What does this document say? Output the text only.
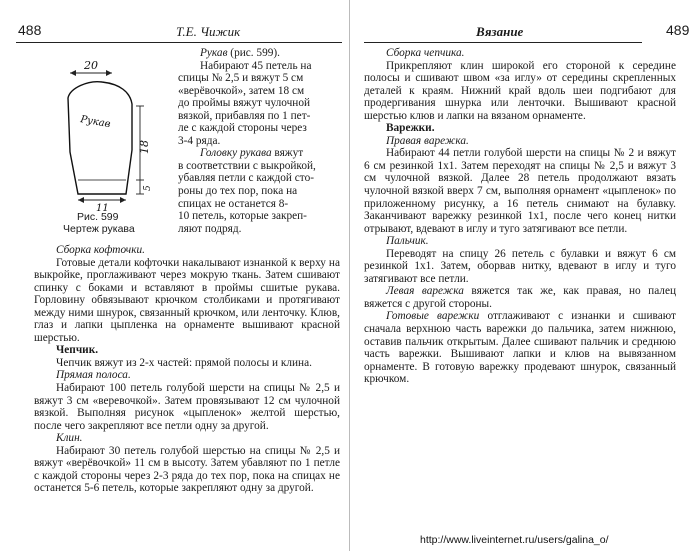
488	Т.Е. Чижик
20
Рукав
18
5
11
Рис. 599
Чертеж рукава

Рукав (рис. 599).

Набирают 45 петель на

спицы № 2,5 и вяжут 5 см

«верёвочкой», затем 18 см

до проймы вяжут чулочной

вязкой, прибавляя по 1 пет-

ле с каждой стороны через

3-4 ряда.

Головку рукава вяжут

в соответствии с выкройкой,

убавляя петли с каждой сто-

роны до тех пор, пока на

спицах не останется 8-

10 петель, которые закреп-

ляют подряд.

Сборка кофточки.

Готовые детали кофточки накалывают изнанкой к верху на выкройке, проглаживают через мокрую ткань. Затем сшивают спинку с боками и вставляют в проймы сшитые рукава. Горловину обвязывают крючком столбиками и протягивают между ними шнурок, связанный крючком, или ленточку. Клюв, глаз и лапки цыпленка на орнаменте вышивают красной шерстью.

Чепчик.

Чепчик вяжут из 2-х частей: прямой полосы и клина.

Прямая полоса.

Набирают 100 петель голубой шерсти на спицы № 2,5 и вяжут 3 см «веревочкой». Затем провязывают 12 см чулочной вязкой. Выполняя рисунок «цыпленок» желтой шерстью, после чего закрепляют все петли одну за другой.

Клин.

Набирают 30 петель голубой шерстью на спицы № 2,5 и вяжут «верёвочкой» 11 см в высоту. Затем убавляют по 1 петле с каждой стороны через 2-3 ряда до тех пор, пока на спицах не останется 5-6 петель, которые закрепляют одну за другой.

Вязание	489

Сборка чепчика.

Прикрепляют клин широкой его стороной к середине полосы и сшивают швом «за иглу» от середины скрепленных деталей к краям. Нижний край вдоль шеи подгибают для продергивания шнурка или ленточки. Вышивают красной шерстью клюв и лапки на вязаном орнаменте.

Варежки.

Правая варежка.

Набирают 44 петли голубой шерсти на спицы № 2 и вяжут 6 см резинкой 1х1. Затем переходят на спицы № 2,5 и вяжут 3 см чулочной вязкой. Далее 28 петель продолжают вязать чулочной вязкой вверх 7 см, выполняя орнамент «цыпленок» по приложенному рисунку, а 16 петель снимают на булавку. Заканчивают варежку резинкой 1х1, после чего конец нитки отрывают, вдевают в иглу и туго затягивают все петли.

Пальчик.

Переводят на спицу 26 петель с булавки и вяжут 6 см резинкой 1х1. Затем, оборвав нитку, вдевают в иглу и туго затягивают все петли.

Левая варежка вяжется так же, как правая, но палец вяжется с другой стороны.

Готовые варежки отглаживают с изнанки и сшивают сначала верхнюю часть варежки до пальчика, затем нижнюю, оставив пальчик открытым. Далее сшивают пальчик и среднюю часть варежки. Вышивают лапки и клюв на вывязанном орнаменте. В готовую варежку продевают шнурок, связанный крючком.

http://www.liveinternet.ru/users/galina_o/
